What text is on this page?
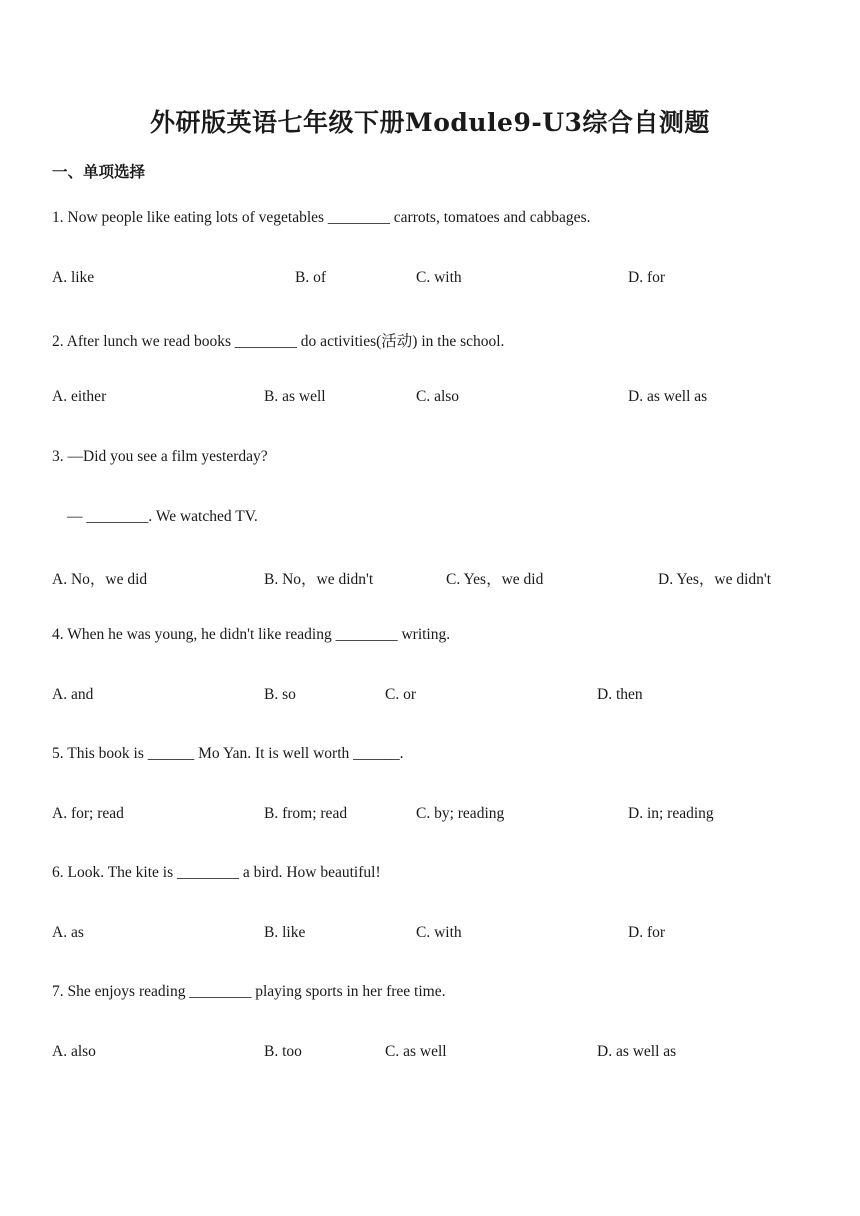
外研版英语七年级下册Module9-U3综合自测题
一、单项选择
1. Now people like eating lots of vegetables ________ carrots, tomatoes and cabbages.
A. like	B. of	C. with	D. for
2. After lunch we read books ________ do activities(活动) in the school.
A. either	B. as well	C. also	D. as well as
3. —Did you see a film yesterday?
— ________. We watched TV.
A. No，we did	B. No，we didn't	C. Yes，we did	D. Yes，we didn't
4. When he was young, he didn't like reading ________ writing.
A. and	B. so	C. or	D. then
5. This book is ______ Mo Yan. It is well worth ______.
A. for; read	B. from; read	C. by; reading	D. in; reading
6. Look. The kite is ________ a bird. How beautiful!
A. as	B. like	C. with	D. for
7. She enjoys reading ________ playing sports in her free time.
A. also	B. too	C. as well	D. as well as
